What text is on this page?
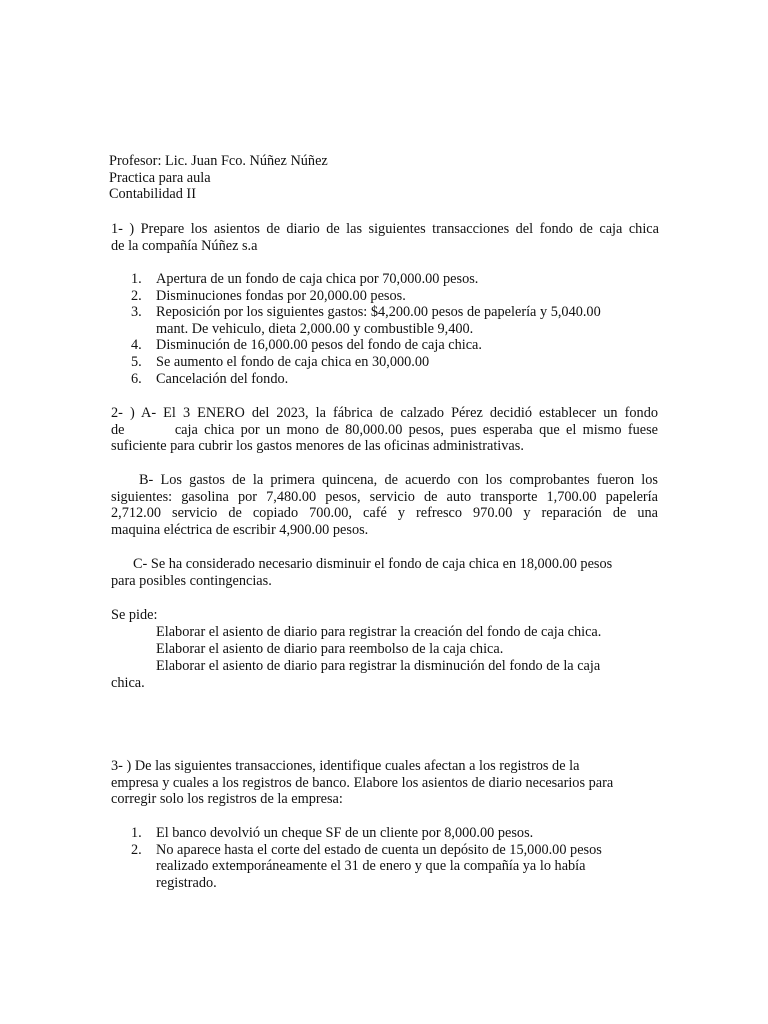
Profesor: Lic. Juan Fco. Núñez Núñez
Practica para aula
Contabilidad II
1- ) Prepare los asientos de diario de las siguientes transacciones del fondo de caja chica
de la compañía Núñez s.a
1. Apertura de un fondo de caja chica por 70,000.00 pesos.
2. Disminuciones fondas por 20,000.00 pesos.
3. Reposición por los siguientes gastos: $4,200.00 pesos de papelería y 5,040.00
mant. De vehiculo, dieta 2,000.00 y combustible 9,400.
4. Disminución de 16,000.00 pesos del fondo de caja chica.
5. Se aumento el fondo de caja chica en 30,000.00
6. Cancelación del fondo.
2- ) A- El 3 ENERO del 2023, la fábrica de calzado Pérez decidió establecer un fondo
de        caja chica por un mono de 80,000.00 pesos, pues esperaba que el mismo fuese
suficiente para cubrir los gastos menores de las oficinas administrativas.
B- Los gastos de la primera quincena, de acuerdo con los comprobantes fueron los
siguientes: gasolina por 7,480.00 pesos, servicio de auto transporte 1,700.00 papelería
2,712.00 servicio de copiado 700.00, café y refresco 970.00 y reparación de una
maquina eléctrica de escribir 4,900.00 pesos.
C- Se ha considerado necesario disminuir el fondo de caja chica en 18,000.00 pesos
para posibles contingencias.
Se pide:
Elaborar el asiento de diario para registrar la creación del fondo de caja chica.
Elaborar el asiento de diario para reembolso de la caja chica.
Elaborar el asiento de diario para registrar la disminución del fondo de la caja
chica.
3- ) De las siguientes transacciones, identifique cuales afectan a los registros de la
empresa y cuales a los registros de banco. Elabore los asientos de diario necesarios para
corregir solo los registros de la empresa:
1. El banco devolvió un cheque SF de un cliente por 8,000.00 pesos.
2. No aparece hasta el corte del estado de cuenta un depósito de 15,000.00 pesos
realizado extemporáneamente el 31 de enero y que la compañía ya lo había
registrado.
